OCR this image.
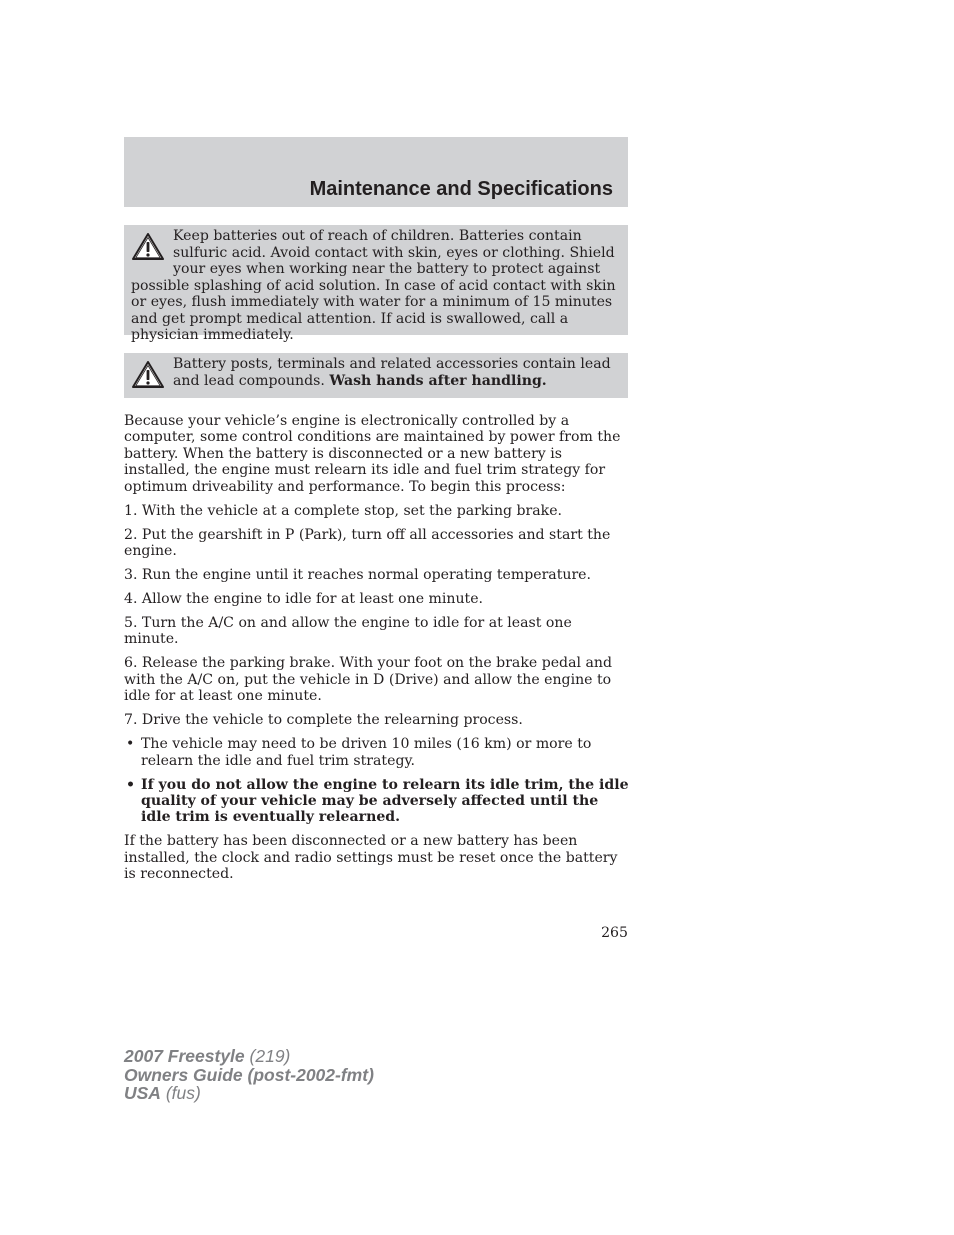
Maintenance and Specifications
Keep batteries out of reach of children. Batteries contain sulfuric acid. Avoid contact with skin, eyes or clothing. Shield your eyes when working near the battery to protect against possible splashing of acid solution. In case of acid contact with skin or eyes, flush immediately with water for a minimum of 15 minutes and get prompt medical attention. If acid is swallowed, call a physician immediately.
Battery posts, terminals and related accessories contain lead and lead compounds. Wash hands after handling.

Because your vehicle’s engine is electronically controlled by a computer, some control conditions are maintained by power from the battery. When the battery is disconnected or a new battery is installed, the engine must relearn its idle and fuel trim strategy for optimum driveability and performance. To begin this process:

1. With the vehicle at a complete stop, set the parking brake.

2. Put the gearshift in P (Park), turn off all accessories and start the engine.

3. Run the engine until it reaches normal operating temperature.

4. Allow the engine to idle for at least one minute.

5. Turn the A/C on and allow the engine to idle for at least one minute.

6. Release the parking brake. With your foot on the brake pedal and with the A/C on, put the vehicle in D (Drive) and allow the engine to idle for at least one minute.

7. Drive the vehicle to complete the relearning process.

• The vehicle may need to be driven 10 miles (16 km) or more to relearn the idle and fuel trim strategy.
• If you do not allow the engine to relearn its idle trim, the idle quality of your vehicle may be adversely affected until the idle trim is eventually relearned.

If the battery has been disconnected or a new battery has been installed, the clock and radio settings must be reset once the battery is reconnected.

265
2007 Freestyle (219)
Owners Guide (post-2002-fmt)
USA (fus)
